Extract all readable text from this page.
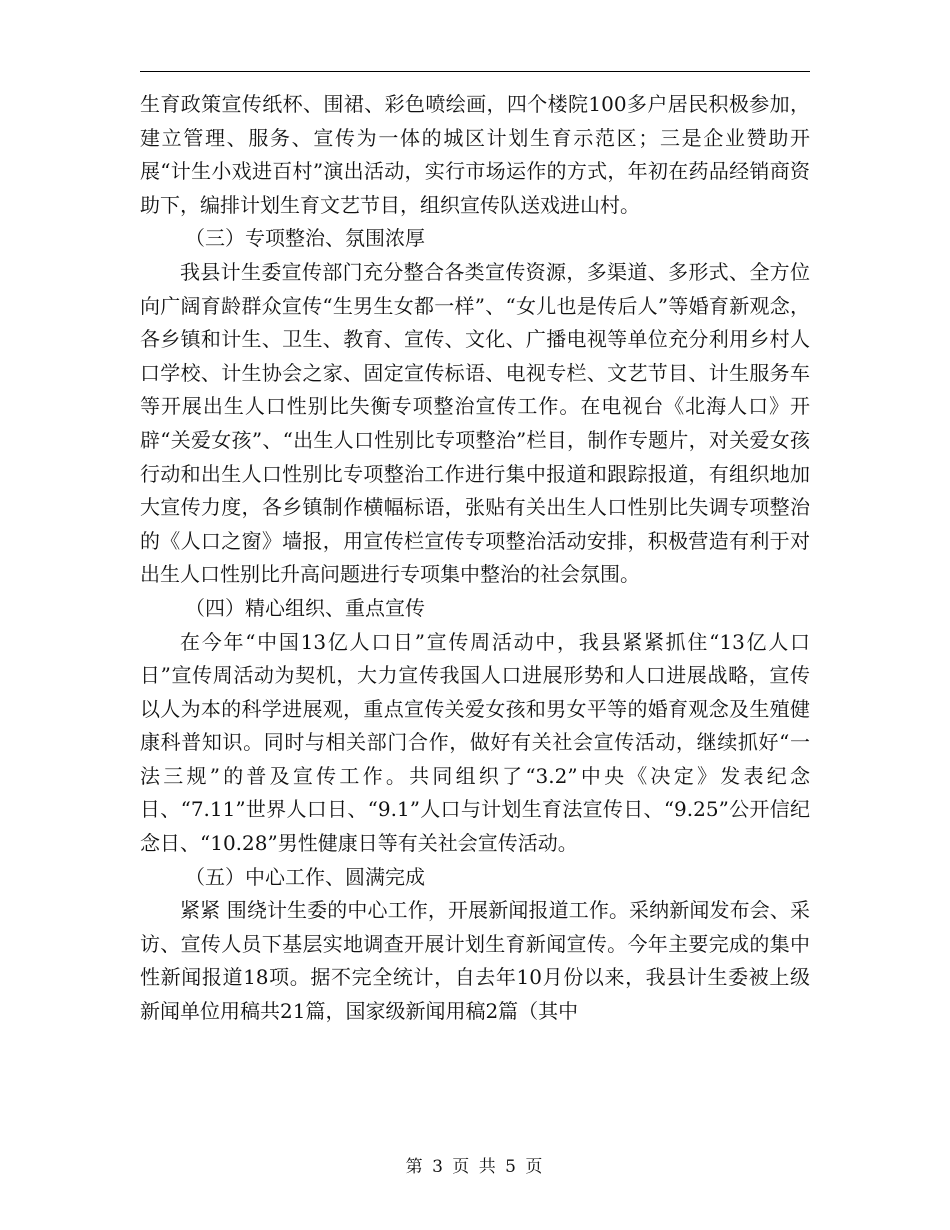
生育政策宣传纸杯、围裙、彩色喷绘画，四个楼院100多户居民积极参加，建立管理、服务、宣传为一体的城区计划生育示范区；三是企业赞助开展“计生小戏进百村”演出活动，实行市场运作的方式，年初在药品经销商资助下，编排计划生育文艺节目，组织宣传队送戏进山村。

（三）专项整治、氛围浓厚

我县计生委宣传部门充分整合各类宣传资源，多渠道、多形式、全方位向广阔育龄群众宣传“生男生女都一样”、“女儿也是传后人”等婚育新观念，各乡镇和计生、卫生、教育、宣传、文化、广播电视等单位充分利用乡村人口学校、计生协会之家、固定宣传标语、电视专栏、文艺节目、计生服务车等开展出生人口性别比失衡专项整治宣传工作。在电视台《北海人口》开辟“关爱女孩”、“出生人口性别比专项整治”栏目，制作专题片，对关爱女孩行动和出生人口性别比专项整治工作进行集中报道和跟踪报道，有组织地加大宣传力度，各乡镇制作横幅标语，张贴有关出生人口性别比失调专项整治的《人口之窗》墙报，用宣传栏宣传专项整治活动安排，积极营造有利于对出生人口性别比升高问题进行专项集中整治的社会氛围。

（四）精心组织、重点宣传

在今年“中国13亿人口日”宣传周活动中，我县紧紧抓住“13亿人口日”宣传周活动为契机，大力宣传我国人口进展形势和人口进展战略，宣传以人为本的科学进展观，重点宣传关爱女孩和男女平等的婚育观念及生殖健康科普知识。同时与相关部门合作，做好有关社会宣传活动，继续抓好“一法三规”的普及宣传工作。共同组织了“3.2”中央《决定》发表纪念日、“7.11”世界人口日、“9.1”人口与计划生育法宣传日、“9.25”公开信纪念日、“10.28”男性健康日等有关社会宣传活动。

（五）中心工作、圆满完成

紧紧 围绕计生委的中心工作，开展新闻报道工作。采纳新闻发布会、采访、宣传人员下基层实地调查开展计划生育新闻宣传。今年主要完成的集中性新闻报道18项。据不完全统计，自去年10月份以来，我县计生委被上级新闻单位用稿共21篇，国家级新闻用稿2篇（其中

第 3 页 共 5 页
